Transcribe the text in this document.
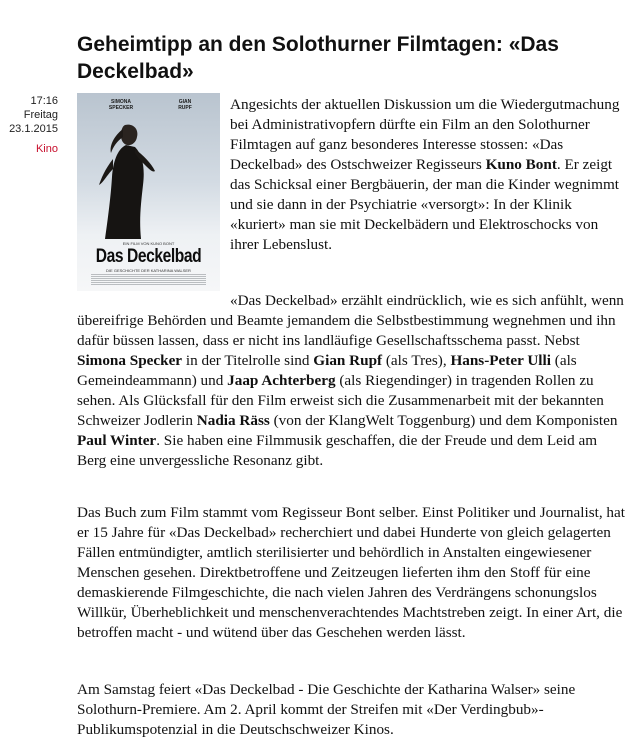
Geheimtipp an den Solothurner Filmtagen: «Das Deckelbad»
17:16
Freitag
23.1.2015
Kino
SIMONA
SPECKER
GIAN
RUPF
EIN FILM VON KUNO BONT
Das Deckelbad
DIE GESCHICHTE DER KATHARINA WALSER

Angesichts der aktuellen Diskussion um die Wiedergutmachung bei Administrativopfern dürfte ein Film an den Solothurner Filmtagen auf ganz besonderes Interesse stossen: «Das Deckelbad» des Ostschweizer Regisseurs Kuno Bont. Er zeigt das Schicksal einer Bergbäuerin, der man die Kinder wegnimmt und sie dann in der Psychiatrie «versorgt»: In der Klinik «kuriert» man sie mit Deckelbädern und Elektroschocks von ihrer Lebenslust.

«Das Deckelbad» erzählt eindrücklich, wie es sich anfühlt, wenn übereifrige Behörden und Beamte jemandem die Selbstbestimmung wegnehmen und ihn dafür büssen lassen, dass er nicht ins landläufige Gesellschaftsschema passt. Nebst Simona Specker in der Titelrolle sind Gian Rupf (als Tres), Hans-Peter Ulli (als Gemeindeammann) und Jaap Achterberg (als Riegendinger) in tragenden Rollen zu sehen. Als Glücksfall für den Film erweist sich die Zusammenarbeit mit der bekannten Schweizer Jodlerin Nadia Räss (von der KlangWelt Toggenburg) und dem Komponisten Paul Winter. Sie haben eine Filmmusik geschaffen, die der Freude und dem Leid am Berg eine unvergessliche Resonanz gibt.

Das Buch zum Film stammt vom Regisseur Bont selber. Einst Politiker und Journalist, hat er 15 Jahre für «Das Deckelbad» recherchiert und dabei Hunderte von gleich gelagerten Fällen entmündigter, amtlich sterilisierter und behördlich in Anstalten eingewiesener Menschen gesehen. Direktbetroffene und Zeitzeugen lieferten ihm den Stoff für eine demaskierende Filmgeschichte, die nach vielen Jahren des Verdrängens schonungslos Willkür, Überheblichkeit und menschenverachtendes Machtstreben zeigt. In einer Art, die betroffen macht - und wütend über das Geschehen werden lässt.

Am Samstag feiert «Das Deckelbad - Die Geschichte der Katharina Walser» seine Solothurn-Premiere. Am 2. April kommt der Streifen mit «Der Verdingbub»-Publikumspotenzial in die Deutschschweizer Kinos.
